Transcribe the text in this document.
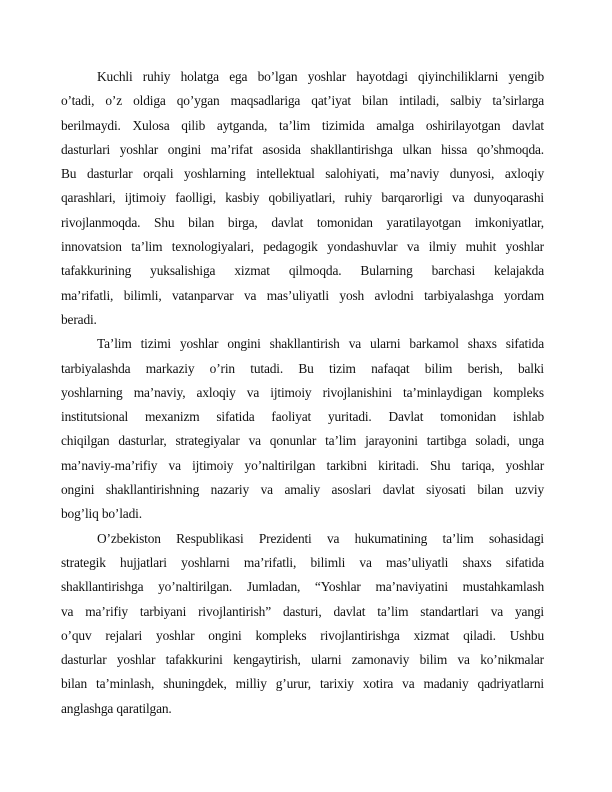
Kuchli ruhiy holatga ega bo’lgan yoshlar hayotdagi qiyinchiliklarni yengib
o’tadi, o’z oldiga qo’ygan maqsadlariga qat’iyat bilan intiladi, salbiy ta’sirlarga
berilmaydi. Xulosa qilib aytganda, ta’lim tizimida amalga oshirilayotgan davlat
dasturlari yoshlar ongini ma’rifat asosida shakllantirishga ulkan hissa qo’shmoqda.
Bu dasturlar orqali yoshlarning intellektual salohiyati, ma’naviy dunyosi, axloqiy
qarashlari, ijtimoiy faolligi, kasbiy qobiliyatlari, ruhiy barqarorligi va dunyoqarashi
rivojlanmoqda. Shu bilan birga, davlat tomonidan yaratilayotgan imkoniyatlar,
innovatsion ta’lim texnologiyalari, pedagogik yondashuvlar va ilmiy muhit yoshlar
tafakkurining yuksalishiga xizmat qilmoqda. Bularning barchasi kelajakda
ma’rifatli, bilimli, vatanparvar va mas’uliyatli yosh avlodni tarbiyalashga yordam
beradi.
Ta’lim tizimi yoshlar ongini shakllantirish va ularni barkamol shaxs sifatida
tarbiyalashda markaziy o’rin tutadi. Bu tizim nafaqat bilim berish, balki
yoshlarning ma’naviy, axloqiy va ijtimoiy rivojlanishini ta’minlaydigan kompleks
institutsional mexanizm sifatida faoliyat yuritadi. Davlat tomonidan ishlab
chiqilgan dasturlar, strategiyalar va qonunlar ta’lim jarayonini tartibga soladi, unga
ma’naviy-ma’rifiy va ijtimoiy yo’naltirilgan tarkibni kiritadi. Shu tariqa, yoshlar
ongini shakllantirishning nazariy va amaliy asoslari davlat siyosati bilan uzviy
bog’liq bo’ladi.
O’zbekiston Respublikasi Prezidenti va hukumatining ta’lim sohasidagi
strategik hujjatlari yoshlarni ma’rifatli, bilimli va mas’uliyatli shaxs sifatida
shakllantirishga yo’naltirilgan. Jumladan, “Yoshlar ma’naviyatini mustahkamlash
va ma’rifiy tarbiyani rivojlantirish” dasturi, davlat ta’lim standartlari va yangi
o’quv rejalari yoshlar ongini kompleks rivojlantirishga xizmat qiladi. Ushbu
dasturlar yoshlar tafakkurini kengaytirish, ularni zamonaviy bilim va ko’nikmalar
bilan ta’minlash, shuningdek, milliy g’urur, tarixiy xotira va madaniy qadriyatlarni
anglashga qaratilgan.
